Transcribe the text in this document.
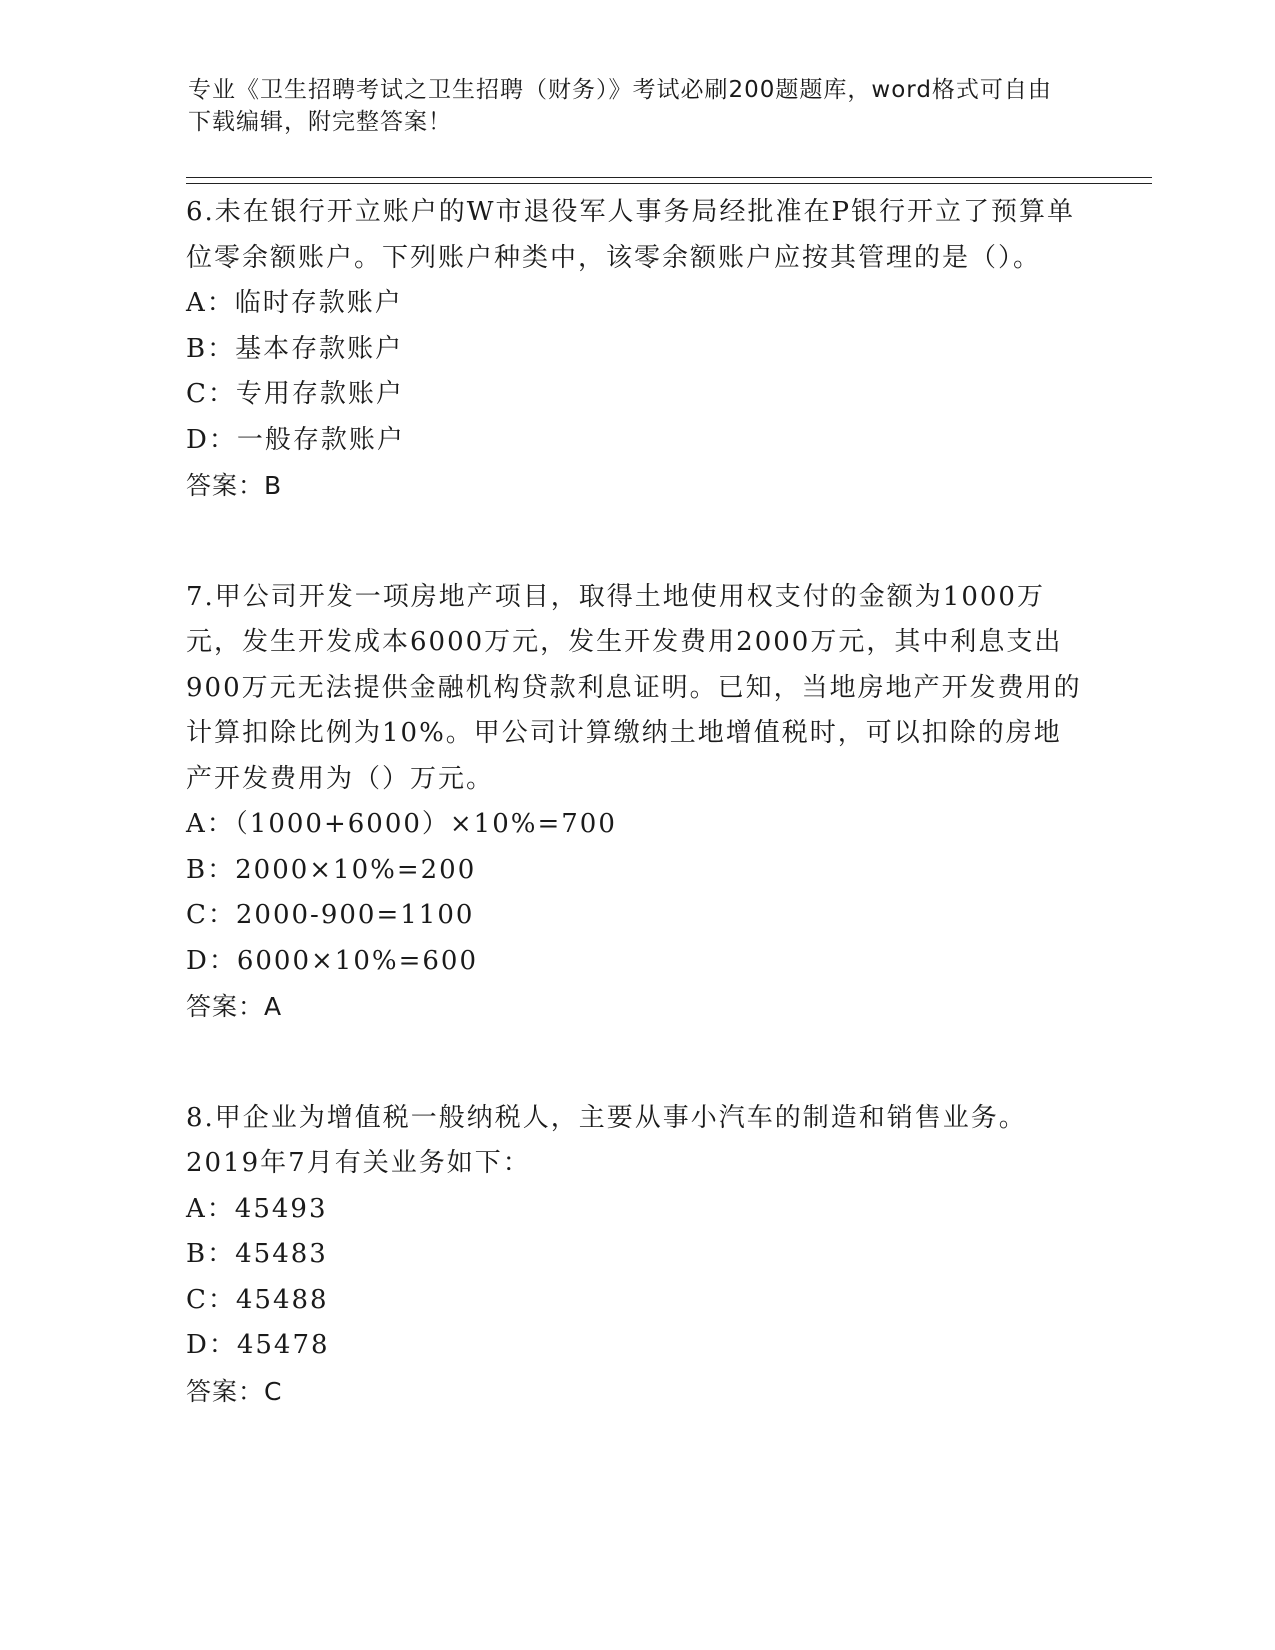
专业《卫生招聘考试之卫生招聘（财务）》考试必刷200题题库，word格式可自由下载编辑，附完整答案！

6.未在银行开立账户的W市退役军人事务局经批准在P银行开立了预算单位零余额账户。下列账户种类中，该零余额账户应按其管理的是（）。

A：临时存款账户

B：基本存款账户

C：专用存款账户

D：一般存款账户

答案：B

7.甲公司开发一项房地产项目，取得土地使用权支付的金额为1000万元，发生开发成本6000万元，发生开发费用2000万元，其中利息支出900万元无法提供金融机构贷款利息证明。已知，当地房地产开发费用的计算扣除比例为10%。甲公司计算缴纳土地增值税时，可以扣除的房地产开发费用为（）万元。

A：（1000+6000）×10%=700

B：2000×10%=200

C：2000-900=1100

D：6000×10%=600

答案：A

8.甲企业为增值税一般纳税人，主要从事小汽车的制造和销售业务。2019年7月有关业务如下：

A：45493

B：45483

C：45488

D：45478

答案：C
